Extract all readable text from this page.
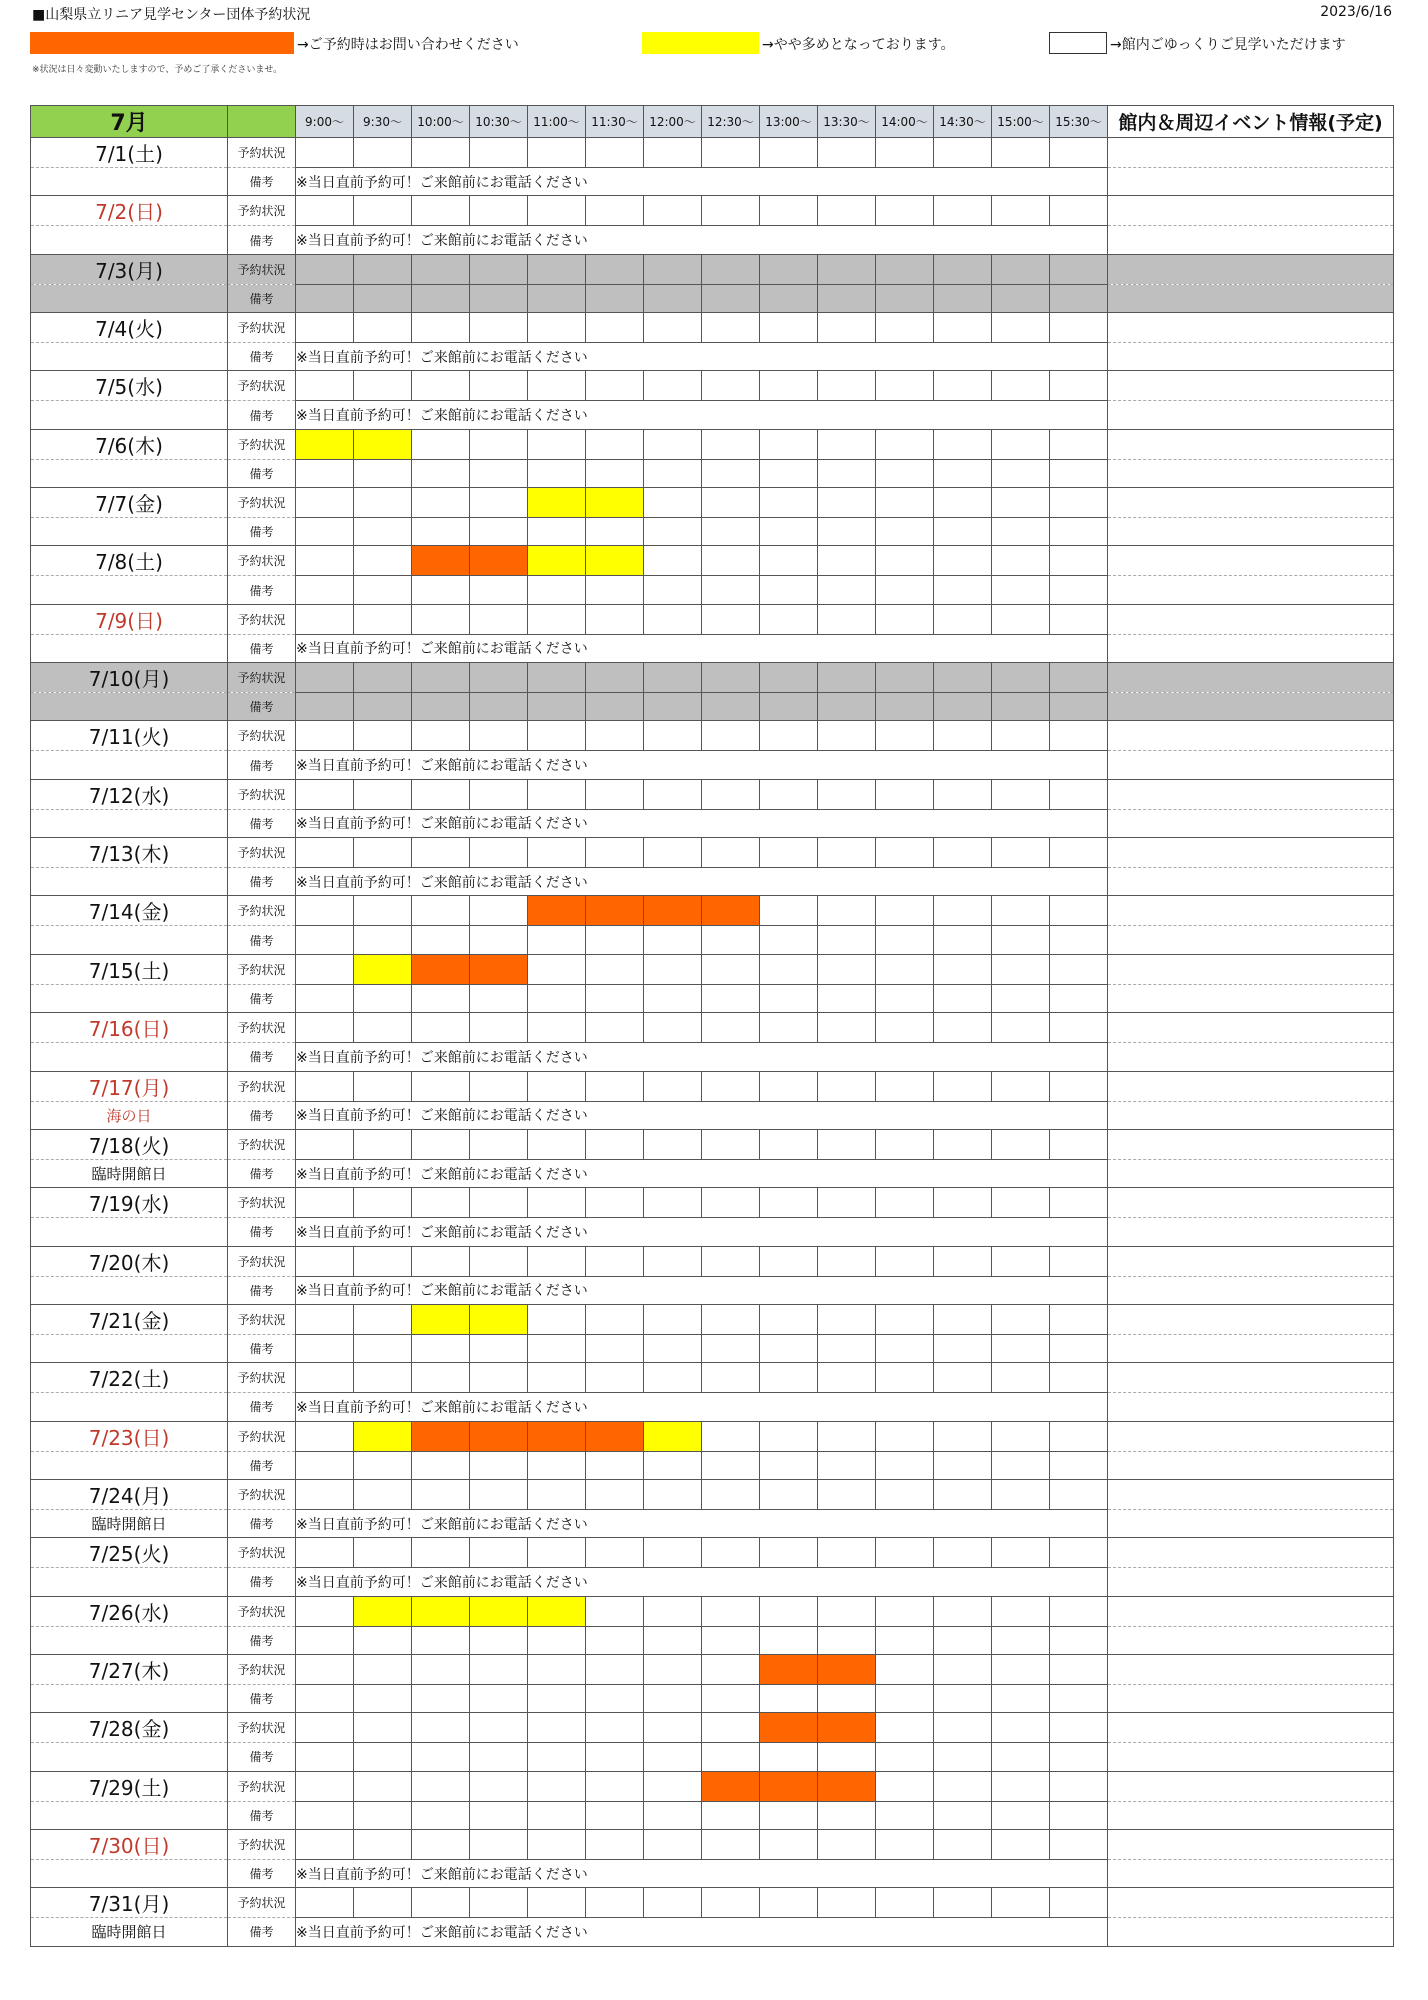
■山梨県立リニア見学センター団体予約状況	2023/6/16
→ご予約時はお問い合わせください	→やや多めとなっております。	→館内ごゆっくりご見学いただけます
※状況は日々変動いたしますので、予めご了承くださいませ。
7月		9:00～	9:30～	10:00～	10:30～	11:00～	11:30～	12:00～	12:30～	13:00～	13:30～	14:00～	14:30～	15:00～	15:30～	館内＆周辺イベント情報(予定)
7/1(土)	予約状況															
	備考	※当日直前予約可！ご来館前にお電話ください														
7/2(日)	予約状況															
	備考	※当日直前予約可！ご来館前にお電話ください														
7/3(月)	予約状況															
	備考															
7/4(火)	予約状況															
	備考	※当日直前予約可！ご来館前にお電話ください														
7/5(水)	予約状況															
	備考	※当日直前予約可！ご来館前にお電話ください														
7/6(木)	予約状況															
	備考															
7/7(金)	予約状況															
	備考															
7/8(土)	予約状況															
	備考															
7/9(日)	予約状況															
	備考	※当日直前予約可！ご来館前にお電話ください														
7/10(月)	予約状況															
	備考															
7/11(火)	予約状況															
	備考	※当日直前予約可！ご来館前にお電話ください														
7/12(水)	予約状況															
	備考	※当日直前予約可！ご来館前にお電話ください														
7/13(木)	予約状況															
	備考	※当日直前予約可！ご来館前にお電話ください														
7/14(金)	予約状況															
	備考															
7/15(土)	予約状況															
	備考															
7/16(日)	予約状況															
	備考	※当日直前予約可！ご来館前にお電話ください														
7/17(月)	予約状況															
海の日	備考	※当日直前予約可！ご来館前にお電話ください														
7/18(火)	予約状況															
臨時開館日	備考	※当日直前予約可！ご来館前にお電話ください														
7/19(水)	予約状況															
	備考	※当日直前予約可！ご来館前にお電話ください														
7/20(木)	予約状況															
	備考	※当日直前予約可！ご来館前にお電話ください														
7/21(金)	予約状況															
	備考															
7/22(土)	予約状況															
	備考	※当日直前予約可！ご来館前にお電話ください														
7/23(日)	予約状況															
	備考															
7/24(月)	予約状況															
臨時開館日	備考	※当日直前予約可！ご来館前にお電話ください														
7/25(火)	予約状況															
	備考	※当日直前予約可！ご来館前にお電話ください														
7/26(水)	予約状況															
	備考															
7/27(木)	予約状況															
	備考															
7/28(金)	予約状況															
	備考															
7/29(土)	予約状況															
	備考															
7/30(日)	予約状況															
	備考	※当日直前予約可！ご来館前にお電話ください														
7/31(月)	予約状況															
臨時開館日	備考	※当日直前予約可！ご来館前にお電話ください														
